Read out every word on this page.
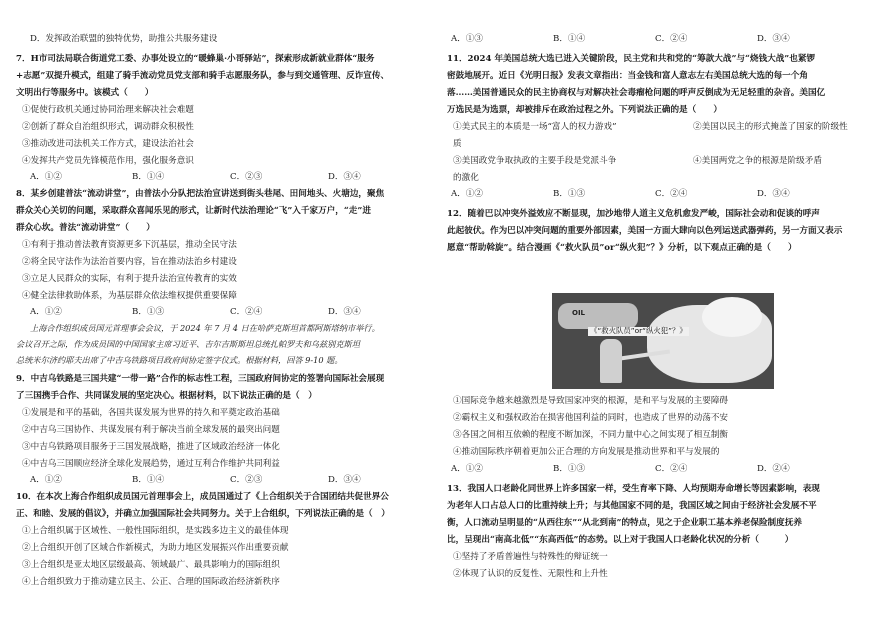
D．发挥政治联盟的独特优势，助推公共服务建设
7．H市司法局联合街道党工委、办事处设立的“暖蜂巢·小哥驿站”，探索形成新就业群体“服务
+志愿”双提升模式，组建了骑手流动党员党支部和骑手志愿服务队，参与到交通管理、反诈宣传、
文明出行等服务中。该模式（　　）
①促使行政机关通过协同治理来解决社会难题
②创新了群众自治组织形式，调动群众积极性
③推动改进司法机关工作方式，建设法治社会
④发挥共产党员先锋模范作用，强化服务意识
A．①②	B．①④	C．②③	D．③④
8．某乡创建普法“流动讲堂”，由普法小分队把法治宣讲送到街头巷尾、田间地头、火塘边，聚焦
群众关心关切的问题，采取群众喜闻乐见的形式，让新时代法治理论“飞”入千家万户，“走”进
群众心坎。普法“流动讲堂”（　　）
①有利于推动普法教育资源更多下沉基层，推动全民守法
②将全民守法作为法治首要内容，旨在推动法治乡村建设
③立足人民群众的实际，有利于提升法治宣传教育的实效
④健全法律救助体系，为基层群众依法维权提供重要保障
A．①②	B．①③	C．②④	D．③④
上海合作组织成员国元首理事会会议，于 2024 年 7 月 4 日在哈萨克斯坦首都阿斯塔纳市举行。
会议召开之际，作为成员国的中国国家主席习近平、吉尔吉斯斯坦总统扎帕罗夫和乌兹别克斯坦
总统米尔济约耶夫出席了中吉乌铁路项目政府间协定签字仪式。根据材料，回答 9-10 题。
9．中吉乌铁路是三国共建“一带一路”合作的标志性工程，三国政府间协定的签署向国际社会展现
了三国携手合作、共同谋发展的坚定决心。根据材料，以下说法正确的是（　）
①发展是和平的基础，各国共谋发展为世界的持久和平奠定政治基础
②中吉乌三国协作、共谋发展有利于解决当前全球发展的最突出问题
③中吉乌铁路项目服务于三国发展战略，推进了区域政治经济一体化
④中吉乌三国顺应经济全球化发展趋势，通过互利合作维护共同利益
A．①②	B．①④	C．②③	D．③④
10．在本次上海合作组织成员国元首理事会上，成员国通过了《上合组织关于合国团结共促世界公
正、和睦、发展的倡议》，并确立加强国际社会共同努力。关于上合组织，下列说法正确的是（　）
①上合组织属于区域性、一般性国际组织，是实践多边主义的最佳体现
②上合组织开创了区域合作新模式，为助力地区发展振兴作出重要贡献
③上合组织是亚太地区层级最高、领域最广、最具影响力的国际组织
④上合组织致力于推动建立民主、公正、合理的国际政治经济新秩序
A．①③	B．①④	C．②④	D．③④
11．2024 年美国总统大选已进入关键阶段，民主党和共和党的“筹款大战”与“烧钱大战”也紧锣
密鼓地展开。近日《光明日报》发表文章指出：当金钱和富人意志左右美国总统大选的每一个角
落……美国普通民众的民主协商权与对解决社会毒瘤枪问题的呼声反倒成为无足轻重的杂音。美国亿
万选民是为选票，却被排斥在政治过程之外。下列说法正确的是（　　）
①美式民主的本质是一场“富人的权力游戏”	②美国以民主的形式掩盖了国家的阶级性
质
③美国政党争取执政的主要手段是党派斗争	④美国两党之争的根源是阶级矛盾
的激化
A．①②	B．①③	C．②④	D．③④
12．随着巴以冲突外溢效应不断显现，加沙地带人道主义危机愈发严峻，国际社会动和促谈的呼声
此起彼伏。作为巴以冲突问题的重要外部因素，美国一方面大肆向以色列运送武器弹药，另一方面又表示
愿意“帮助斡旋”。结合漫画《“救火队员”or“纵火犯”？》分析，以下观点正确的是（　　）
OIL
《“救火队员”or“纵火犯”？》
①国际竞争越来越激烈是导致国家冲突的根源，是和平与发展的主要障碍
②霸权主义和强权政治在损害他国利益的同时，也造成了世界的动荡不安
③各国之间相互依赖的程度不断加深，不同力量中心之间实现了相互制衡
④推动国际秩序朝着更加公正合理的方向发展是推动世界和平与发展的
A．①②	B．①③	C．②④	D．②④
13．我国人口老龄化同世界上许多国家一样，受生育率下降、人均预期寿命增长等因素影响，表现
为老年人口占总人口的比重持续上升；与其他国家不同的是，我国区域之间由于经济社会发展不平
衡，人口流动呈明显的“从西往东”“从北到南”的特点，见之于企业职工基本养老保险制度抚养
比，呈现出“南高北低”“东高西低”的态势。以上对于我国人口老龄化状况的分析（　　　）
①坚持了矛盾普遍性与特殊性的辩证统一
②体现了认识的反复性、无限性和上升性
